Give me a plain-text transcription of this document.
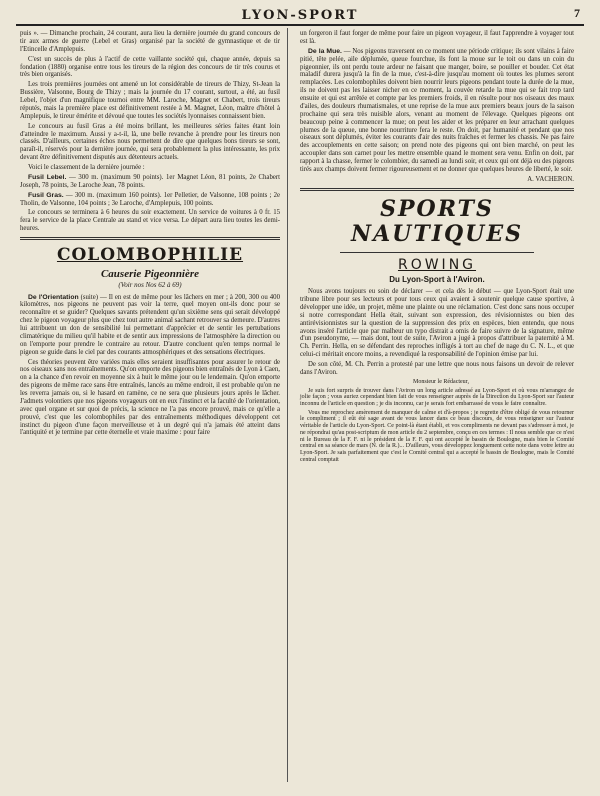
LYON-SPORT	7

puis ». — Dimanche prochain, 24 courant, aura lieu la dernière journée du grand concours de tir aux armes de guerre (Lebel et Gras) organisé par la société de gymnastique et de tir l'Etincelle d'Amplepuis.

C'est un succès de plus à l'actif de cette vaillante société qui, chaque année, depuis sa fondation (1880) organise entre tous les tireurs de la région des concours de tir très courus et très bien organisés.

Les trois premières journées ont amené un lot considérable de tireurs de Thizy, St-Jean la Bussière, Valsonne, Bourg de Thizy ; mais la journée du 17 courant, surtout, a été, au fusil Lebel, l'objet d'un magnifique tournoi entre MM. Laroche, Magnet et Chabert, trois tireurs réputés, mais la première place est définitivement restée à M. Magnet, Léon, maître d'hôtel à Amplepuis, le tireur émérite et dévoué que toutes les sociétés lyonnaises connaissent bien.

Le concours au fusil Gras a été moins brillant, les meilleures séries faites étant loin d'atteindre le maximum. Aussi y a-t-il, là, une belle revanche à prendre pour les tireurs non classés. D'ailleurs, certaines échos nous permettent de dire que quelques bons tireurs se sont, paraît-il, réservés pour la dernière journée, qui sera probablement la plus intéressante, les prix devant être définitivement disputés aux détenteurs actuels.

Voici le classement de la dernière journée :

Fusil Lebel. — 300 m. (maximum 90 points). 1er Magnet Léon, 81 points, 2e Chabert Joseph, 78 points, 3e Laroche Jean, 78 points.

Fusil Gras. — 300 m. (maximum 160 points). 1er Pelletier, de Valsonne, 108 points ; 2e Tholin, de Valsonne, 104 points ; 3e Laroche, d'Amplepuis, 100 points.

Le concours se terminera à 6 heures du soir exactement. Un service de voitures à 0 fr. 15 fera le service de la place Centrale au stand et vice versa. Le départ aura lieu toutes les demi-heures.

COLOMBOPHILIE
Causerie Pigeonnière
(Voir nos Nos 62 à 69)

De l'Orientation (suite) — Il en est de même pour les lâchers en mer ; à 200, 300 ou 400 kilomètres, nos pigeons ne peuvent pas voir la terre, quel moyen ont-ils donc pour se reconnaître et se guider? Quelques savants prétendent qu'un sixième sens qui serait développé chez le pigeon voyageur plus que chez tout autre animal sachant retrouver sa demeure. D'autres lui attribuent un don de sensibilité lui permettant d'apprécier et de sentir les pertubations climatérique du milieu qu'il habite et de sentir aux impressions de l'atmosphère la direction ou on l'emporte pour prendre le contraire au retour. D'autre concluent qu'en temps normal le pigeon se guide dans le ciel par des courants atmosphériques et des sensations électriques.

Ces théories peuvent être variées mais elles seraient insuffisantes pour assurer le retour de nos oiseaux sans nos entraînements. Qu'on emporte des pigeons bien entraînés de Lyon à Caen, on a la chance d'en revoir en moyenne six à huit le même jour ou le lendemain. Qu'on emporte des pigeons de même race sans être entraînés, lancés au même endroit, il est probable qu'on ne les reverra jamais ou, si le hasard en ramène, ce ne sera que plusieurs jours après le lâcher. J'admets volontiers que nos pigeons voyageurs ont en eux l'instinct et la faculté de l'orientation, avec quel organe et sur quoi de précis, la science ne l'a pas encore prouvé, mais ce qu'elle a prouvé, c'est que les colombophiles par des entraînements méthodiques développent cet instinct du pigeon d'une façon merveilleuse et à un degré qui n'a jamais été atteint dans l'antiquité et je termine par cette éternelle et vraie maxime : pour faire

un forgeron il faut forger de même pour faire un pigeon voyageur, il faut l'apprendre à voyager tout est là.

De la Mue. — Nos pigeons traversent en ce moment une période critique; ils sont vilains à faire pitié, tête pelée, aile déplumée, queue fourchue, ils font la moue sur le toit ou dans un coin du pigeonnier, ils ont perdu toute ardeur ne faisant que manger, boire, se pouiller et bouder. Cet état maladif durera jusqu'à la fin de la mue, c'est-à-dire jusqu'au moment où toutes les plumes seront remplacées. Les colombophiles doivent bien nourrir leurs pigeons pendant toute la durée de la mue, ils ne doivent pas les laisser nicher en ce moment, la couvée retarde la mue qui se fait trop tard ensuite et qui est arrêtée et compte par les premiers froids, il en résulte pour nos oiseaux des maux d'ailes, des douleurs rhumatismales, et une reprise de la mue aux premiers beaux jours de la saison prochaine qui sera très nuisible alors, venant au moment de l'élevage. Quelques pigeons ont beaucoup peine à commencer la mue; on peut les aider et les préparer en leur arrachant quelques plumes de la queue, une bonne nourriture fera le reste. On doit, par humanité et pendant que nos oiseaux sont déplumés, éviter les courants d'air des nuits fraîches et fermer les chassis. Ne pas faire des accouplements en cette saison; on prend note des pigeons qui ont bien marché, on peut les accoupler dans son carnet pour les mettre ensemble quand le moment sera venu. Enfin on doit, par rapport à la chasse, fermer le colombier, du samedi au lundi soir, et ceux qui ont déjà eu des pigeons tirés aux champs doivent fermer rigoureusement et ne donner que quelques heures de liberté, le soir.

A. VACHERON.

SPORTS NAUTIQUES
ROWING
Du Lyon-Sport à l'Aviron.

Nous avons toujours eu soin de déclarer — et cela dès le début — que Lyon-Sport était une tribune libre pour ses lecteurs et pour tous ceux qui avaient à soutenir quelque cause sportive, à développer une idée, un projet, même une plainte ou une réclamation. C'est donc sans nous occuper si notre correspondant Hella était, suivant son expression, des révisionnistes ou bien des antirévisionnistes sur la question de la suppression des prix en espèces, bien entendu, que nous avons inséré l'article que par malheur un typo distrait a omis de faire suivre de la signature, même d'un pseudonyme, — mais dont, tout de suite, l'Aviron a jugé à propos d'attribuer la paternité à M. Ch. Perrin. Hella, en se défendant des reproches infligés à tort au chef de nage du C. N. L., et que celui-ci méritait encore moins, a revendiqué la responsabilité de l'opinion émise par lui.

De son côté, M. Ch. Perrin a protesté par une lettre que nous nous faisons un devoir de relever dans l'Aviron.

Monsieur le Rédacteur,

Je suis fort surpris de trouver dans l'Aviron un long article adressé au Lyon-Sport et où vous m'arrangez de jolie façon ; vous auriez cependant bien fait de vous renseigner auprès de la Direction du Lyon-Sport sur l'auteur inconnu de l'article en question ; je dis inconnu, car je serais fort embarrassé de vous le faire connaître.

Vous me reprochez amèrement de manquer de calme et d'à-propos ; je regrette d'être obligé de vous retourner le compliment ; il eût été sage avant de vous lancer dans ce beau discours, de vous renseigner sur l'auteur véritable de l'article du Lyon-Sport. Ce point-là étant établi, et vos compliments ne devant pas s'adresser à moi, je ne répondrai qu'au post-scriptum de mon article du 2 septembre, conçu en ces termes : Il nous semble que ce n'est ni le Bureau de la F. F. ni le président de la F. F. qui ont accepté le bassin de Boulogne, mais bien le Comité central en sa séance de mars (N. de la R.)... D'ailleurs, vous développez longuement cette note dans votre lettre au Lyon-Sport. Je sais parfaitement que c'est le Comité central qui a accepté le bassin de Boulogne, mais le Comité central comptait
